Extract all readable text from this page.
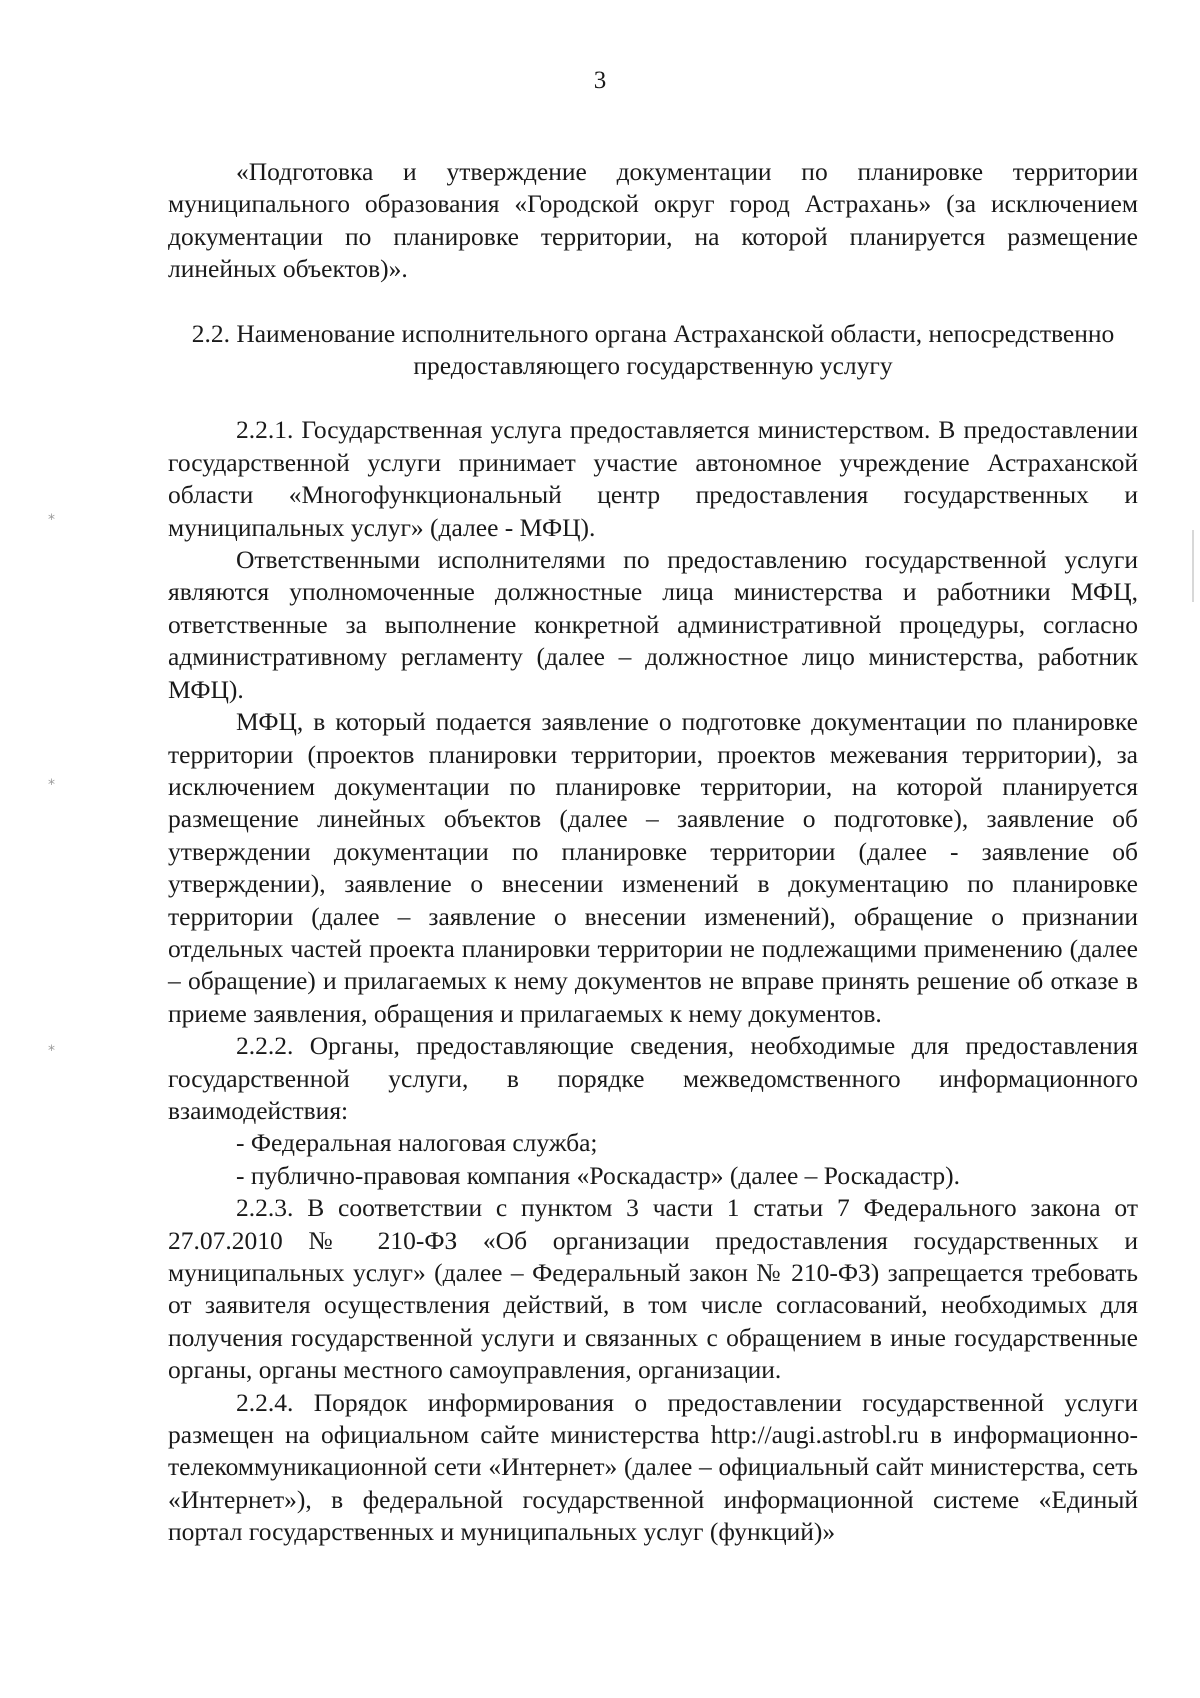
3
*
*
*

«Подготовка и утверждение документации по планировке территории муниципального образования «Городской округ город Астрахань» (за исключением документации по планировке территории, на которой планируется размещение линейных объектов)».

2.2. Наименование исполнительного органа Астраханской области, непосредственно предоставляющего государственную услугу

2.2.1. Государственная услуга предоставляется министерством. В предоставлении государственной услуги принимает участие автономное учреждение Астраханской области «Многофункциональный центр предоставления государственных и муниципальных услуг» (далее - МФЦ).

Ответственными исполнителями по предоставлению государственной услуги являются уполномоченные должностные лица министерства и работники МФЦ, ответственные за выполнение конкретной административной процедуры, согласно административному регламенту (далее – должностное лицо министерства, работник МФЦ).

МФЦ, в который подается заявление о подготовке документации по планировке территории (проектов планировки территории, проектов межевания территории), за исключением документации по планировке территории, на которой планируется размещение линейных объектов (далее – заявление о подготовке), заявление об утверждении документации по планировке территории (далее - заявление об утверждении), заявление о внесении изменений в документацию по планировке территории (далее – заявление о внесении изменений), обращение о признании отдельных частей проекта планировки территории не подлежащими применению (далее – обращение) и прилагаемых к нему документов не вправе принять решение об отказе в приеме заявления, обращения и прилагаемых к нему документов.

2.2.2. Органы, предоставляющие сведения, необходимые для предоставления государственной услуги, в порядке межведомственного информационного взаимодействия:

- Федеральная налоговая служба;

- публично-правовая компания «Роскадастр» (далее – Роскадастр).

2.2.3. В соответствии с пунктом 3 части 1 статьи 7 Федерального закона от 27.07.2010 № 210-ФЗ «Об организации предоставления государственных и муниципальных услуг» (далее – Федеральный закон № 210-ФЗ) запрещается требовать от заявителя осуществления действий, в том числе согласований, необходимых для получения государственной услуги и связанных с обращением в иные государственные органы, органы местного самоуправления, организации.

2.2.4. Порядок информирования о предоставлении государственной услуги размещен на официальном сайте министерства http://augi.astrobl.ru в информационно-телекоммуникационной сети «Интернет» (далее – официальный сайт министерства, сеть «Интернет»), в федеральной государственной информационной системе «Единый портал государственных и муниципальных услуг (функций)»
